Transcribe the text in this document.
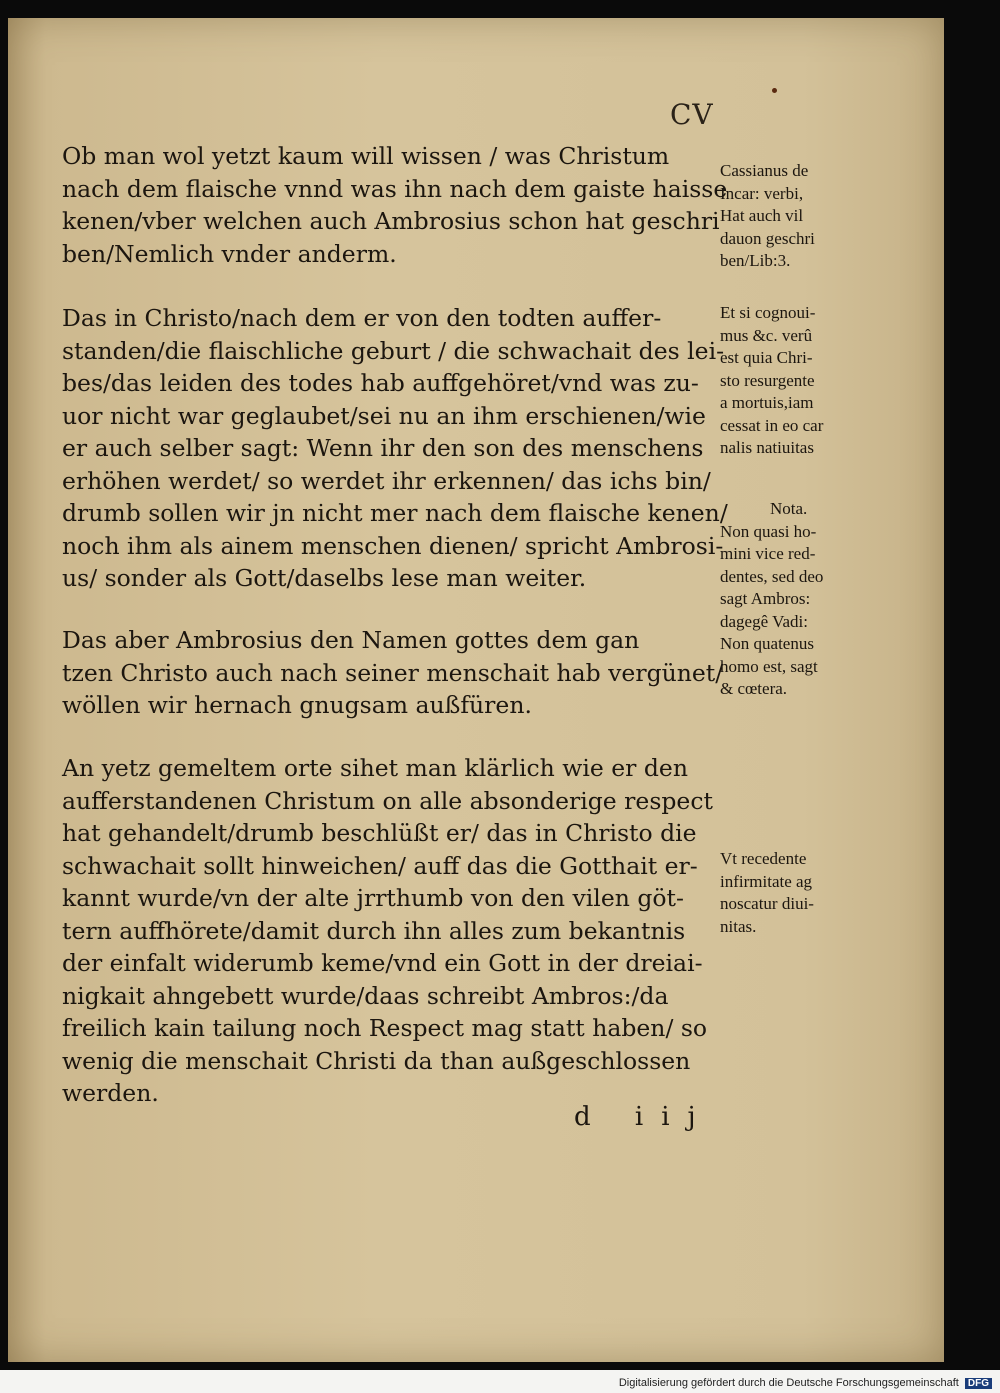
CV
Ob man wol yetzt kaum will wissen / was Christum
nach dem flaische vnnd was ihn nach dem gaiste haisse
kenen/vber welchen auch Ambrosius schon hat geschri
ben/Nemlich vnder anderm.
Das in Christo/nach dem er von den todten auffer-
standen/die flaischliche geburt / die schwachait des lei-
bes/das leiden des todes hab auffgehöret/vnd was zu-
uor nicht war geglaubet/sei nu an ihm erschienen/wie
er auch selber sagt: Wenn ihr den son des menschens
erhöhen werdet/ so werdet ihr erkennen/ das ichs bin/
drumb sollen wir jn nicht mer nach dem flaische kenen/
noch ihm als ainem menschen dienen/ spricht Ambrosi-
us/ sonder als Gott/daselbs lese man weiter.
Das aber Ambrosius den Namen gottes dem gan
tzen Christo auch nach seiner menschait hab vergünet/
wöllen wir hernach gnugsam außfüren.
An yetz gemeltem orte sihet man klärlich wie er den
aufferstandenen Christum on alle absonderige respect
hat gehandelt/drumb beschlüßt er/ das in Christo die
schwachait sollt hinweichen/ auff das die Gotthait er-
kannt wurde/vn der alte jrrthumb von den vilen göt-
tern auffhörete/damit durch ihn alles zum bekantnis
der einfalt widerumb keme/vnd ein Gott in der dreiai-
nigkait ahngebett wurde/daas schreibt Ambros:/da
freilich kain tailung noch Respect mag statt haben/ so
wenig die menschait Christi da than außgeschlossen
werden.
Cassianus de
Incar: verbi,
Hat auch vil
dauon geschri
ben/Lib:3.
Et si cognoui-
mus &c. verû
est quia Chri-
sto resurgente
a mortuis,iam
cessat in eo car
nalis natiuitas
Nota.
Non quasi ho-
mini vice red-
dentes, sed deo
sagt Ambros:
dagegê Vadi:
Non quatenus
homo est, sagt
& cœtera.
Vt recedente
infirmitate ag
noscatur diui-
nitas.
d iij
Digitalisierung gefördert durch die Deutsche Forschungsgemeinschaft DFG
